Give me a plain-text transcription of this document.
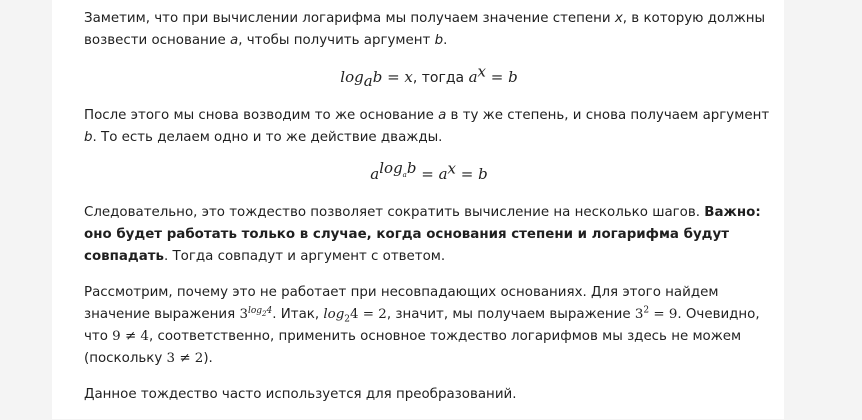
Заметим, что при вычислении логарифма мы получаем значение степени x, в которую должны возвести основание a, чтобы получить аргумент b.

$\log_ab = x$, тогда $a^x = b$

После этого мы снова возводим то же основание a в ту же степень, и снова получаем аргумент b. То есть делаем одно и то же действие дважды.

$a^{log_ab} = a^x = b$

Следовательно, это тождество позволяет сократить вычисление на несколько шагов. Важно: оно будет работать только в случае, когда основания степени и логарифма будут совпадать. Тогда совпадут и аргумент с ответом.

Рассмотрим, почему это не работает при несовпадающих основаниях. Для этого найдем значение выражения $3^{log_24}$. Итак, $\log_24 = 2$, значит, мы получаем выражение $3^2 = 9$. Очевидно, что 9 ≠ 4, соответственно, применить основное тождество логарифмов мы здесь не можем (поскольку 3 ≠ 2).

Данное тождество часто используется для преобразований.
